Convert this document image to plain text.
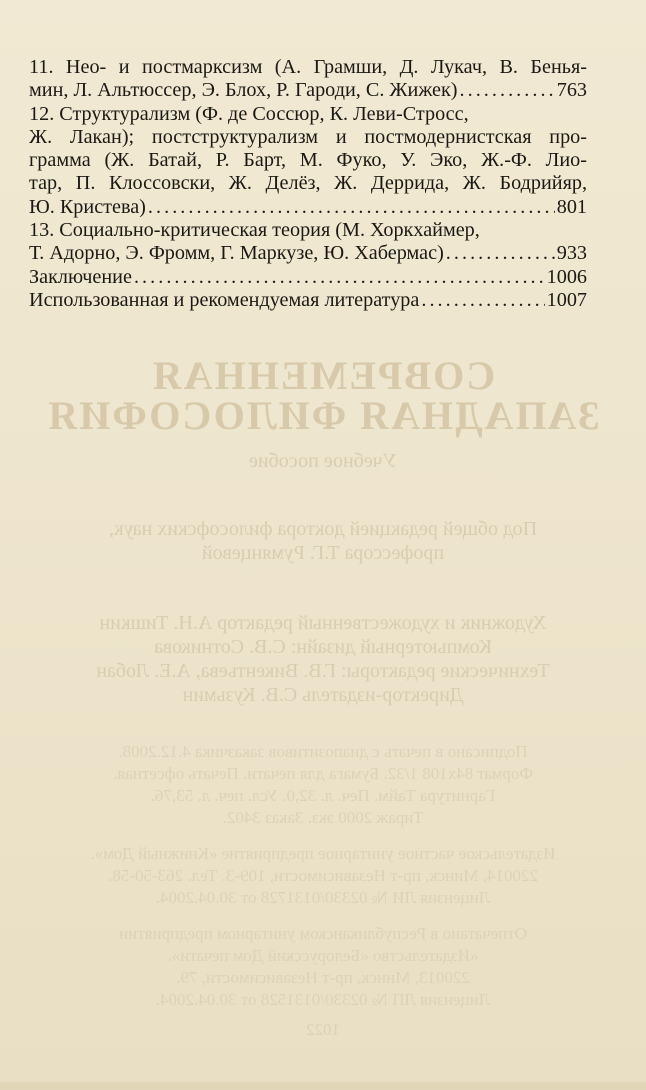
СОВРЕМЕННАЯ
ЗАПАДНАЯ ФИЛОСОФИЯ
Учебное пособие
Под общей редакцией доктора философских наук,
профессора Т.Г. Румянцевой
Художник и художественный редактор А.Н. Тишкин
Компьютерный дизайн: С.В. Сотникова
Технические редакторы: Г.В. Викентьева, А.Е. Лобан
Директор-издатель С.В. Кузьмин
Подписано в печать с диапозитивов заказчика 4.12.2008.
Формат 84х108 1/32. Бумага для печати. Печать офсетная.
Гарнитура Тайм. Печ. л. 32,0. Усл. печ. л. 53,76.
Тираж 2000 экз. Заказ 3402.
Издательское частное унитарное предприятие «Книжный Дом».
220014, Минск, пр-т Независимости, 109-3. Тел. 263-50-58.
Лицензия ЛИ № 02330/0131728 от 30.04.2004.
Отпечатано в Республиканском унитарном предприятии
«Издательство «Белорусский Дом печати».
220013, Минск, пр-т Независимости, 79.
Лицензия ЛП № 02330/0131528 от 30.04.2004.
1022
11. Нео- и постмарксизм (А. Грамши, Д. Лукач, В. Бенья-
мин, Л. Альтюссер, Э. Блох, Р. Гароди, С. Жижек) . . .	763
12. Структурализм (Ф. де Соссюр, К. Леви-Стросс,
Ж. Лакан); постструктурализм и постмодернистская про-
грамма (Ж. Батай, Р. Барт, М. Фуко, У. Эко, Ж.-Ф. Лио-
тар, П. Клоссовски, Ж. Делёз, Ж. Деррида, Ж. Бодрийяр,
Ю. Кристева) . . .	801
13. Социально-критическая теория (М. Хоркхаймер,
Т. Адорно, Э. Фромм, Г. Маркузе, Ю. Хабермас) . . .	933
Заключение . . .	1006
Использованная и рекомендуемая литература . . .	1007
